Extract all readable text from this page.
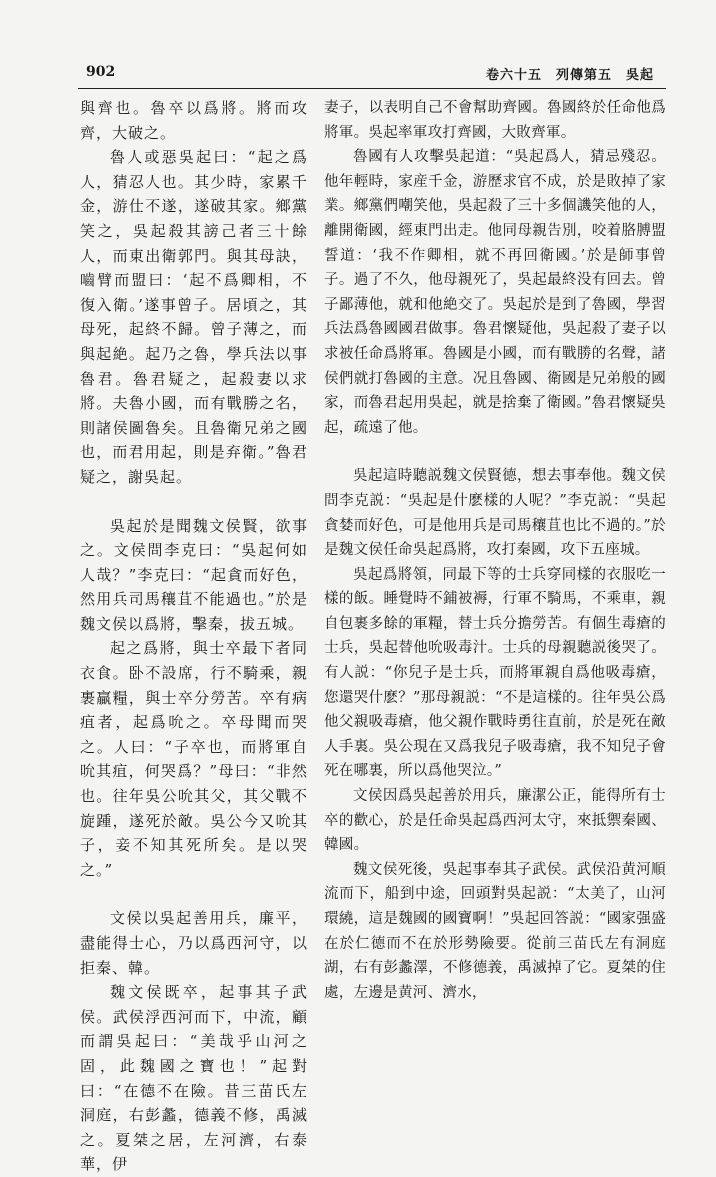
902	卷六十五　列傳第五　吳起

與齊也。魯卒以爲將。將而攻齊，大破之。

魯人或惡吳起曰：“起之爲人，猜忍人也。其少時，家累千金，游仕不遂，遂破其家。鄉黨笑之，吳起殺其謗己者三十餘人，而東出衛郭門。與其母訣，嚙臂而盟曰：‘起不爲卿相，不復入衛。’遂事曾子。居頃之，其母死，起終不歸。曾子薄之，而與起絶。起乃之魯，學兵法以事魯君。魯君疑之，起殺妻以求將。夫魯小國，而有戰勝之名，則諸侯圖魯矣。且魯衛兄弟之國也，而君用起，則是弃衛。”魯君疑之，謝吳起。

吳起於是聞魏文侯賢，欲事之。文侯問李克曰：“吳起何如人哉？”李克曰：“起貪而好色，然用兵司馬穰苴不能過也。”於是魏文侯以爲將，擊秦，拔五城。

起之爲將，與士卒最下者同衣食。卧不設席，行不騎乘，親裹贏糧，與士卒分勞苦。卒有病疽者，起爲吮之。卒母聞而哭之。人曰：“子卒也，而將軍自吮其疽，何哭爲？”母曰：“非然也。往年吳公吮其父，其父戰不旋踵，遂死於敵。吳公今又吮其子，妾不知其死所矣。是以哭之。”

文侯以吳起善用兵，廉平，盡能得士心，乃以爲西河守，以拒秦、韓。

魏文侯既卒，起事其子武侯。武侯浮西河而下，中流，顧而謂吳起曰：“美哉乎山河之固，此魏國之寶也！”起對曰：“在德不在險。昔三苗氏左洞庭，右彭蠡，德義不修，禹滅之。夏桀之居，左河濟，右泰華，伊

妻子，以表明自己不會幫助齊國。魯國終於任命他爲將軍。吳起率軍攻打齊國，大敗齊軍。

魯國有人攻擊吳起道：“吳起爲人，猜忌殘忍。他年輕時，家産千金，游歷求官不成，於是敗掉了家業。鄉黨們嘲笑他，吳起殺了三十多個譏笑他的人，離開衛國，經東門出走。他同母親告別，咬着胳膊盟誓道：‘我不作卿相，就不再回衛國。’於是師事曾子。過了不久，他母親死了，吳起最終没有回去。曾子鄙薄他，就和他絶交了。吳起於是到了魯國，學習兵法爲魯國國君做事。魯君懷疑他，吳起殺了妻子以求被任命爲將軍。魯國是小國，而有戰勝的名聲，諸侯們就打魯國的主意。况且魯國、衛國是兄弟般的國家，而魯君起用吳起，就是捨棄了衛國。”魯君懷疑吳起，疏遠了他。

吳起這時聽説魏文侯賢德，想去事奉他。魏文侯問李克説：“吳起是什麽樣的人呢？”李克説：“吳起貪婪而好色，可是他用兵是司馬穰苴也比不過的。”於是魏文侯任命吳起爲將，攻打秦國，攻下五座城。

吳起爲將領，同最下等的士兵穿同樣的衣服吃一樣的飯。睡覺時不鋪被褥，行軍不騎馬，不乘車，親自包裹多餘的軍糧，替士兵分擔勞苦。有個生毒瘡的士兵，吳起替他吮吸毒汁。士兵的母親聽説後哭了。有人説：“你兒子是士兵，而將軍親自爲他吸毒瘡，您還哭什麽？”那母親説：“不是這樣的。往年吳公爲他父親吸毒瘡，他父親作戰時勇往直前，於是死在敵人手裏。吳公現在又爲我兒子吸毒瘡，我不知兒子會死在哪裏，所以爲他哭泣。”

文侯因爲吳起善於用兵，廉潔公正，能得所有士卒的歡心，於是任命吳起爲西河太守，來抵禦秦國、韓國。

魏文侯死後，吳起事奉其子武侯。武侯沿黄河順流而下，船到中途，回頭對吳起説：“太美了，山河環繞，這是魏國的國寶啊！”吳起回答説：“國家强盛在於仁德而不在於形勢險要。從前三苗氏左有洞庭湖，右有彭蠡澤，不修德義，禹滅掉了它。夏桀的住處，左邊是黄河、濟水，
